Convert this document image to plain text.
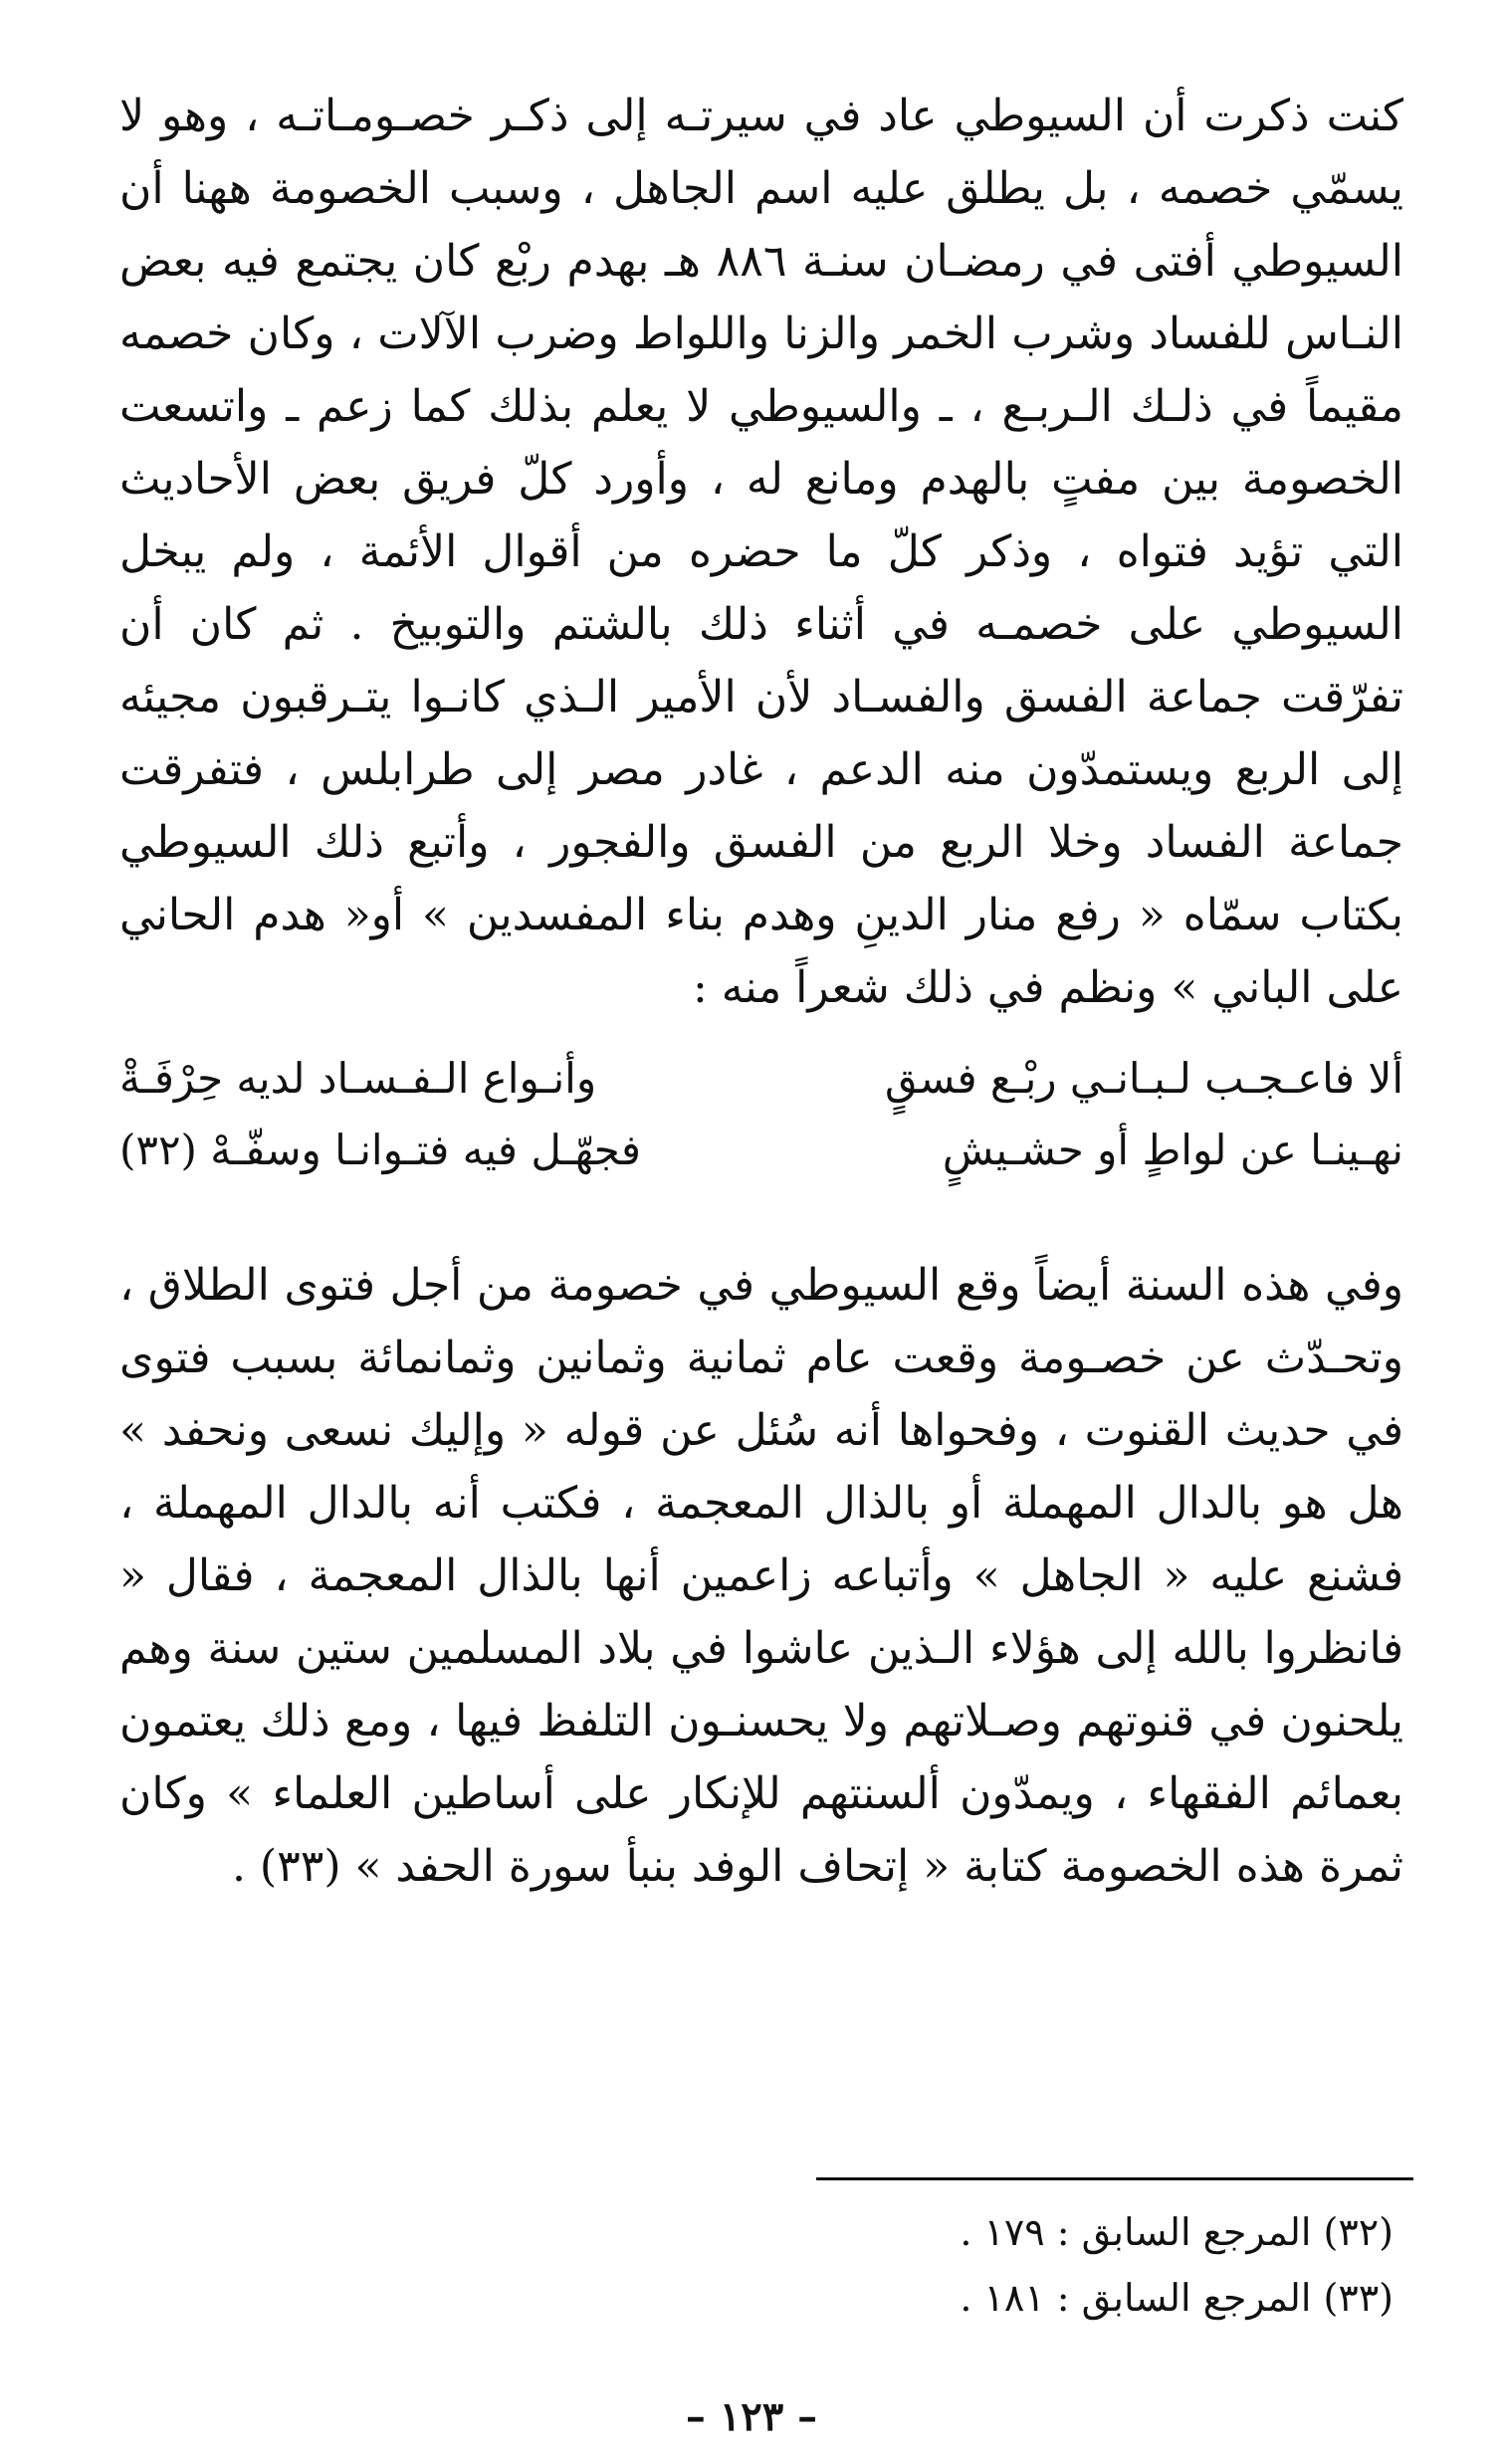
كنت ذكرت أن السيوطي عاد في سيرتـه إلى ذكـر خصـومـاتـه ، وهو لا يسمّي خصمه ، بل يطلق عليه اسم الجاهل ، وسبب الخصومة ههنا أن السيوطي أفتى في رمضـان سنـة ٨٨٦ هـ بهدم ربْع كان يجتمع فيه بعض النـاس للفساد وشرب الخمر والزنا واللواط وضرب الآلات ، وكان خصمه مقيماً في ذلـك الـربـع ، ـ والسيوطي لا يعلم بذلك كما زعم ـ واتسعت الخصومة بين مفتٍ بالهدم ومانع له ، وأورد كلّ فريق بعض الأحاديث التي تؤيد فتواه ، وذكر كلّ ما حضره من أقوال الأئمة ، ولم يبخل السيوطي على خصمـه في أثناء ذلك بالشتم والتوبيخ . ثم كان أن تفرّقت جماعة الفسق والفسـاد لأن الأمير الـذي كانـوا يتـرقبون مجيئه إلى الربع ويستمدّون منه الدعم ، غادر مصر إلى طرابلس ، فتفرقت جماعة الفساد وخلا الربع من الفسق والفجور ، وأتبع ذلك السيوطي بكتاب سمّاه « رفع منار الدينِ وهدم بناء المفسدين » أو« هدم الحاني على الباني » ونظم في ذلك شعراً منه :

ألا فاعـجـب لـبـانـي ربْـع فسقٍ
وأنـواع الـفـسـاد لديه حِرْفَـةْ
نهـينـا عن لواطٍ أو حشـيشٍ
فجهّـل فيه فتـوانـا وسفّـهْ (٣٢)

وفي هذه السنة أيضاً وقع السيوطي في خصومة من أجل فتوى الطلاق ، وتحـدّث عن خصـومة وقعت عام ثمانية وثمانين وثمانمائة بسبب فتوى في حديث القنوت ، وفحواها أنه سُئل عن قوله « وإليك نسعى ونحفد » هل هو بالدال المهملة أو بالذال المعجمة ، فكتب أنه بالدال المهملة ، فشنع عليه « الجاهل » وأتباعه زاعمين أنها بالذال المعجمة ، فقال « فانظروا بالله إلى هؤلاء الـذين عاشوا في بلاد المسلمين ستين سنة وهم يلحنون في قنوتهم وصـلاتهم ولا يحسنـون التلفظ فيها ، ومع ذلك يعتمون بعمائم الفقهاء ، ويمدّون ألسنتهم للإنكار على أساطين العلماء » وكان ثمرة هذه الخصومة كتابة « إتحاف الوفد بنبأ سورة الحفد » (٣٣) .

(٣٢) المرجع السابق : ١٧٩ .
(٣٣) المرجع السابق : ١٨١ .
– ١٢٣ –
